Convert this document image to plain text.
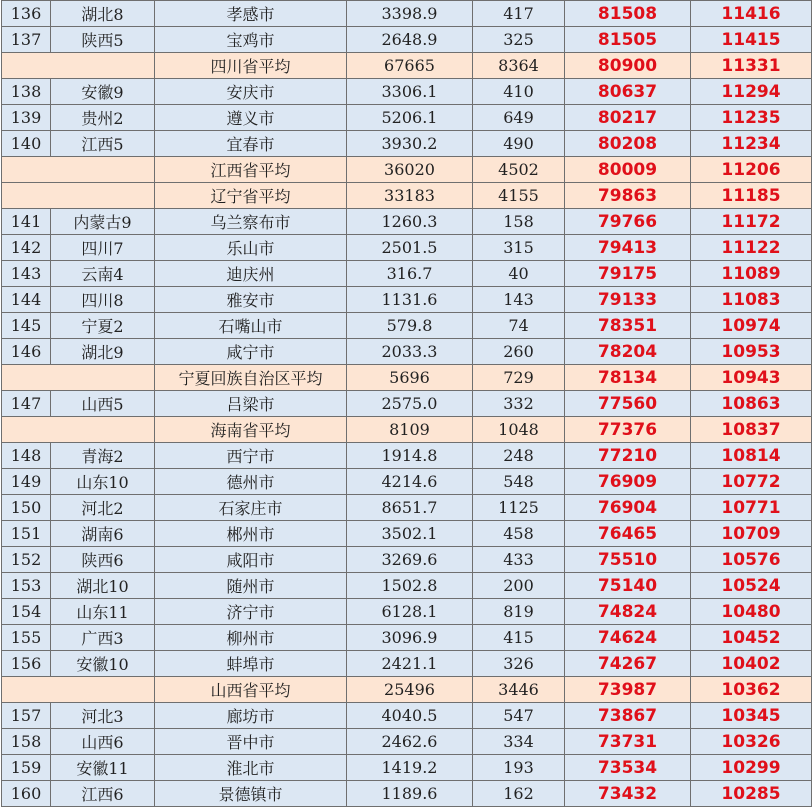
136	湖北8	孝感市	3398.9	417	81508	11416
137	陕西5	宝鸡市	2648.9	325	81505	11415
		四川省平均	67665	8364	80900	11331
138	安徽9	安庆市	3306.1	410	80637	11294
139	贵州2	遵义市	5206.1	649	80217	11235
140	江西5	宜春市	3930.2	490	80208	11234
		江西省平均	36020	4502	80009	11206
		辽宁省平均	33183	4155	79863	11185
141	内蒙古9	乌兰察布市	1260.3	158	79766	11172
142	四川7	乐山市	2501.5	315	79413	11122
143	云南4	迪庆州	316.7	40	79175	11089
144	四川8	雅安市	1131.6	143	79133	11083
145	宁夏2	石嘴山市	579.8	74	78351	10974
146	湖北9	咸宁市	2033.3	260	78204	10953
		宁夏回族自治区平均	5696	729	78134	10943
147	山西5	吕梁市	2575.0	332	77560	10863
		海南省平均	8109	1048	77376	10837
148	青海2	西宁市	1914.8	248	77210	10814
149	山东10	德州市	4214.6	548	76909	10772
150	河北2	石家庄市	8651.7	1125	76904	10771
151	湖南6	郴州市	3502.1	458	76465	10709
152	陕西6	咸阳市	3269.6	433	75510	10576
153	湖北10	随州市	1502.8	200	75140	10524
154	山东11	济宁市	6128.1	819	74824	10480
155	广西3	柳州市	3096.9	415	74624	10452
156	安徽10	蚌埠市	2421.1	326	74267	10402
		山西省平均	25496	3446	73987	10362
157	河北3	廊坊市	4040.5	547	73867	10345
158	山西6	晋中市	2462.6	334	73731	10326
159	安徽11	淮北市	1419.2	193	73534	10299
160	江西6	景德镇市	1189.6	162	73432	10285
